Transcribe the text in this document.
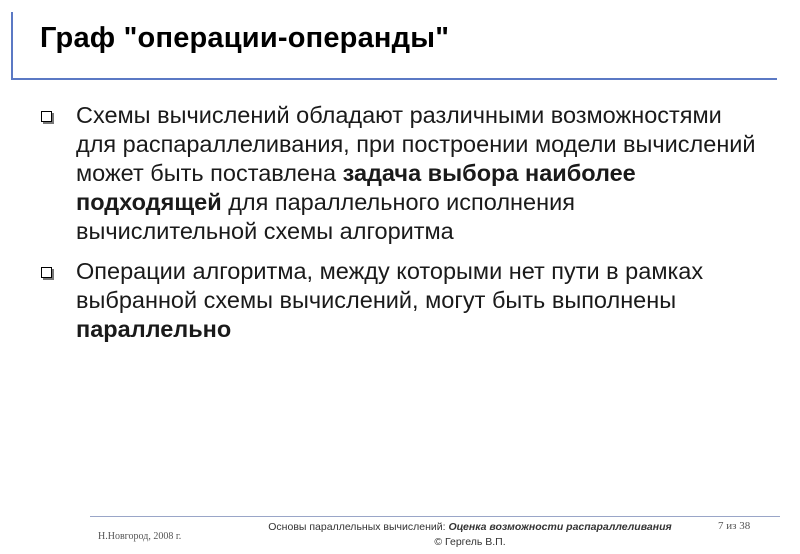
Граф "операции-операнды"
Схемы вычислений обладают различными возможностями для распараллеливания, при построении модели вычислений может быть поставлена задача выбора наиболее подходящей для параллельного исполнения вычислительной схемы алгоритма
Операции алгоритма, между которыми нет пути в рамках выбранной схемы вычислений, могут быть выполнены параллельно
Н.Новгород, 2008 г.
Основы параллельных вычислений: Оценка возможности распараллеливания
© Гергель В.П.
7 из 38
